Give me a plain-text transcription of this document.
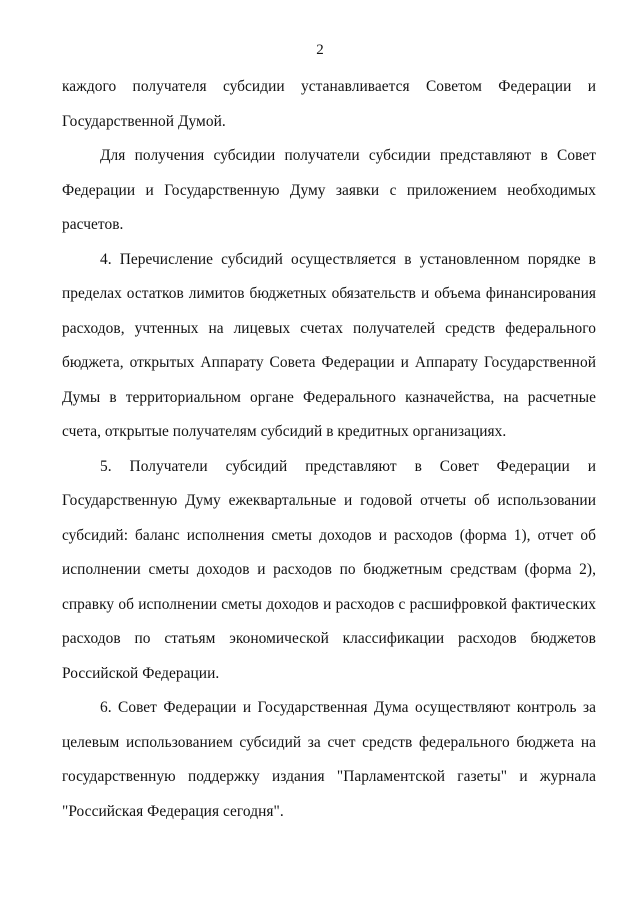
2

каждого получателя субсидии устанавливается Советом Федерации и Государственной Думой.

Для получения субсидии получатели субсидии представляют в Совет Федерации и Государственную Думу заявки с приложением необходимых расчетов.

4. Перечисление субсидий осуществляется в установленном порядке в пределах остатков лимитов бюджетных обязательств и объема финансирования расходов, учтенных на лицевых счетах получателей средств федерального бюджета, открытых Аппарату Совета Федерации и Аппарату Государственной Думы в территориальном органе Федерального казначейства, на расчетные счета, открытые получателям субсидий в кредитных организациях.

5. Получатели субсидий представляют в Совет Федерации и Государственную Думу ежеквартальные и годовой отчеты об использовании субсидий: баланс исполнения сметы доходов и расходов (форма 1), отчет об исполнении сметы доходов и расходов по бюджетным средствам (форма 2), справку об исполнении сметы доходов и расходов с расшифровкой фактических расходов по статьям экономической классификации расходов бюджетов Российской Федерации.

6. Совет Федерации и Государственная Дума осуществляют контроль за целевым использованием субсидий за счет средств федерального бюджета на государственную поддержку издания "Парламентской газеты" и журнала "Российская Федерация сегодня".
